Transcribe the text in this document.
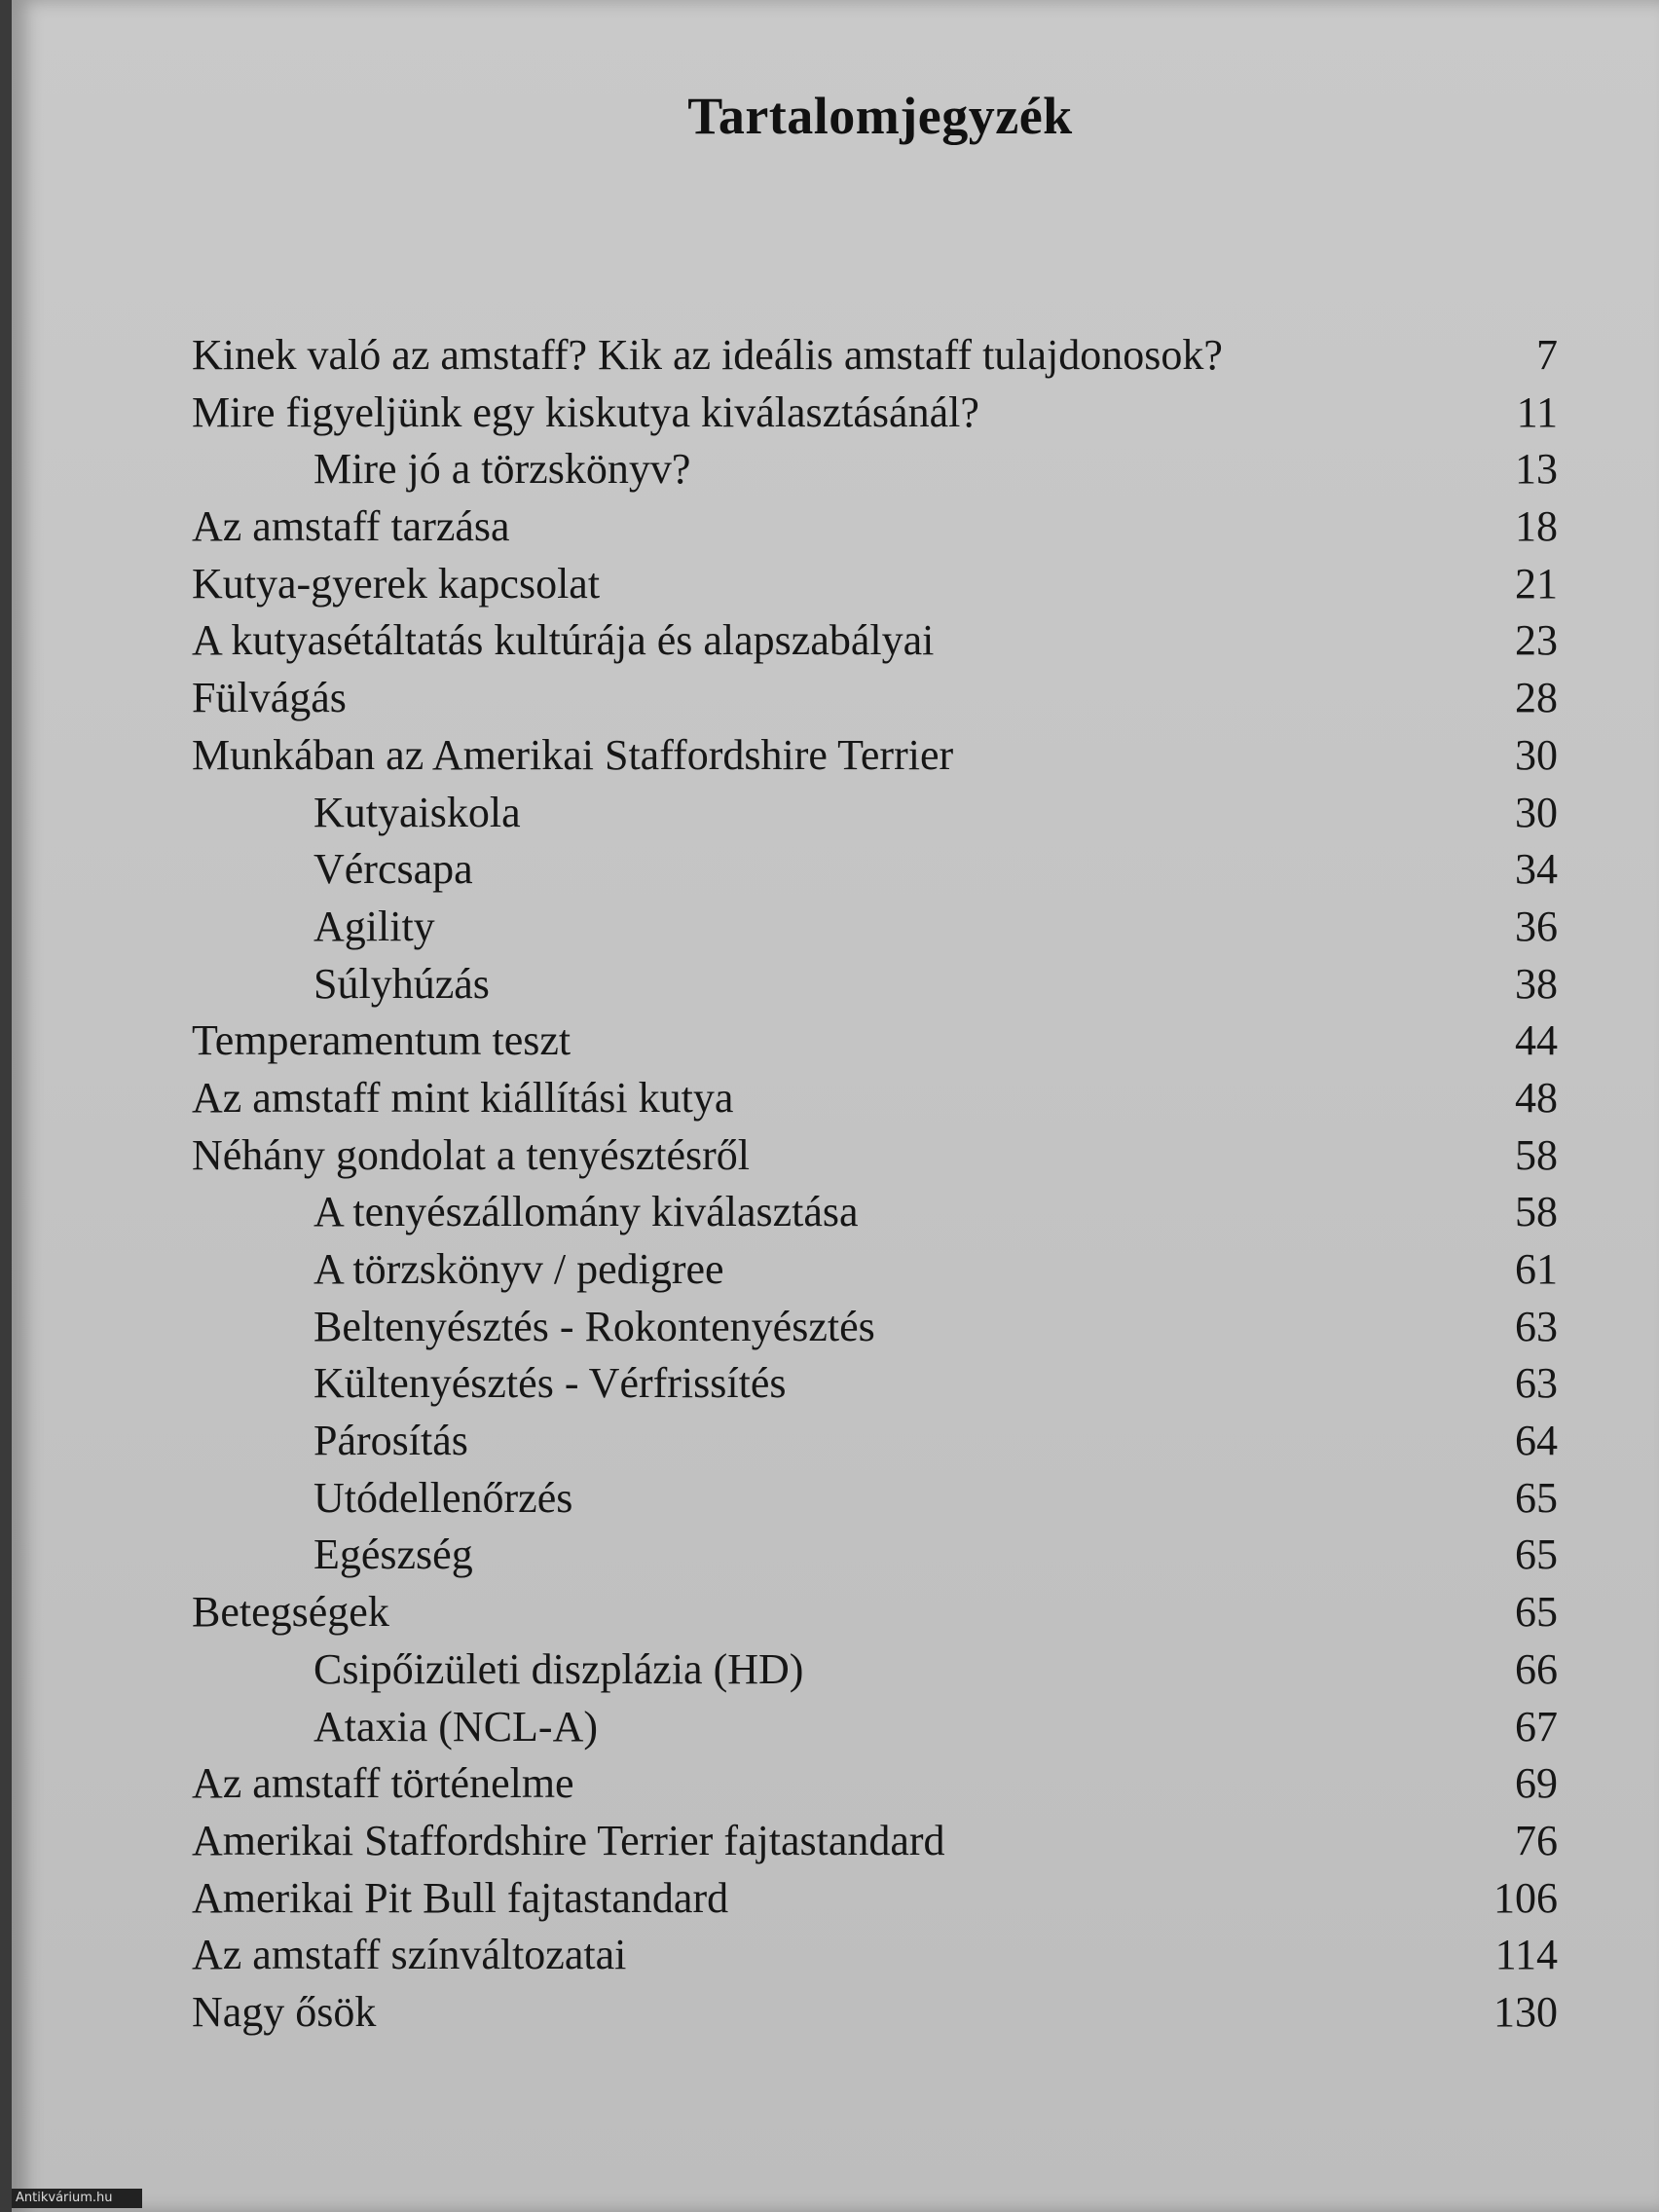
Tartalomjegyzék
Kinek való az amstaff? Kik az ideális amstaff tulajdonosok?	7
Mire figyeljünk egy kiskutya kiválasztásánál?	11
Mire jó a törzskönyv?	13
Az amstaff tarzása	18
Kutya-gyerek kapcsolat	21
A kutyasétáltatás kultúrája és alapszabályai	23
Fülvágás	28
Munkában az Amerikai Staffordshire Terrier	30
Kutyaiskola	30
Vércsapa	34
Agility	36
Súlyhúzás	38
Temperamentum teszt	44
Az amstaff mint kiállítási kutya	48
Néhány gondolat a tenyésztésről	58
A tenyészállomány kiválasztása	58
A törzskönyv / pedigree	61
Beltenyésztés - Rokontenyésztés	63
Kültenyésztés - Vérfrissítés	63
Párosítás	64
Utódellenőrzés	65
Egészség	65
Betegségek	65
Csipőizületi diszplázia (HD)	66
Ataxia (NCL-A)	67
Az amstaff történelme	69
Amerikai Staffordshire Terrier fajtastandard	76
Amerikai Pit Bull fajtastandard	106
Az amstaff színváltozatai	114
Nagy ősök	130
Antikvárium.hu
